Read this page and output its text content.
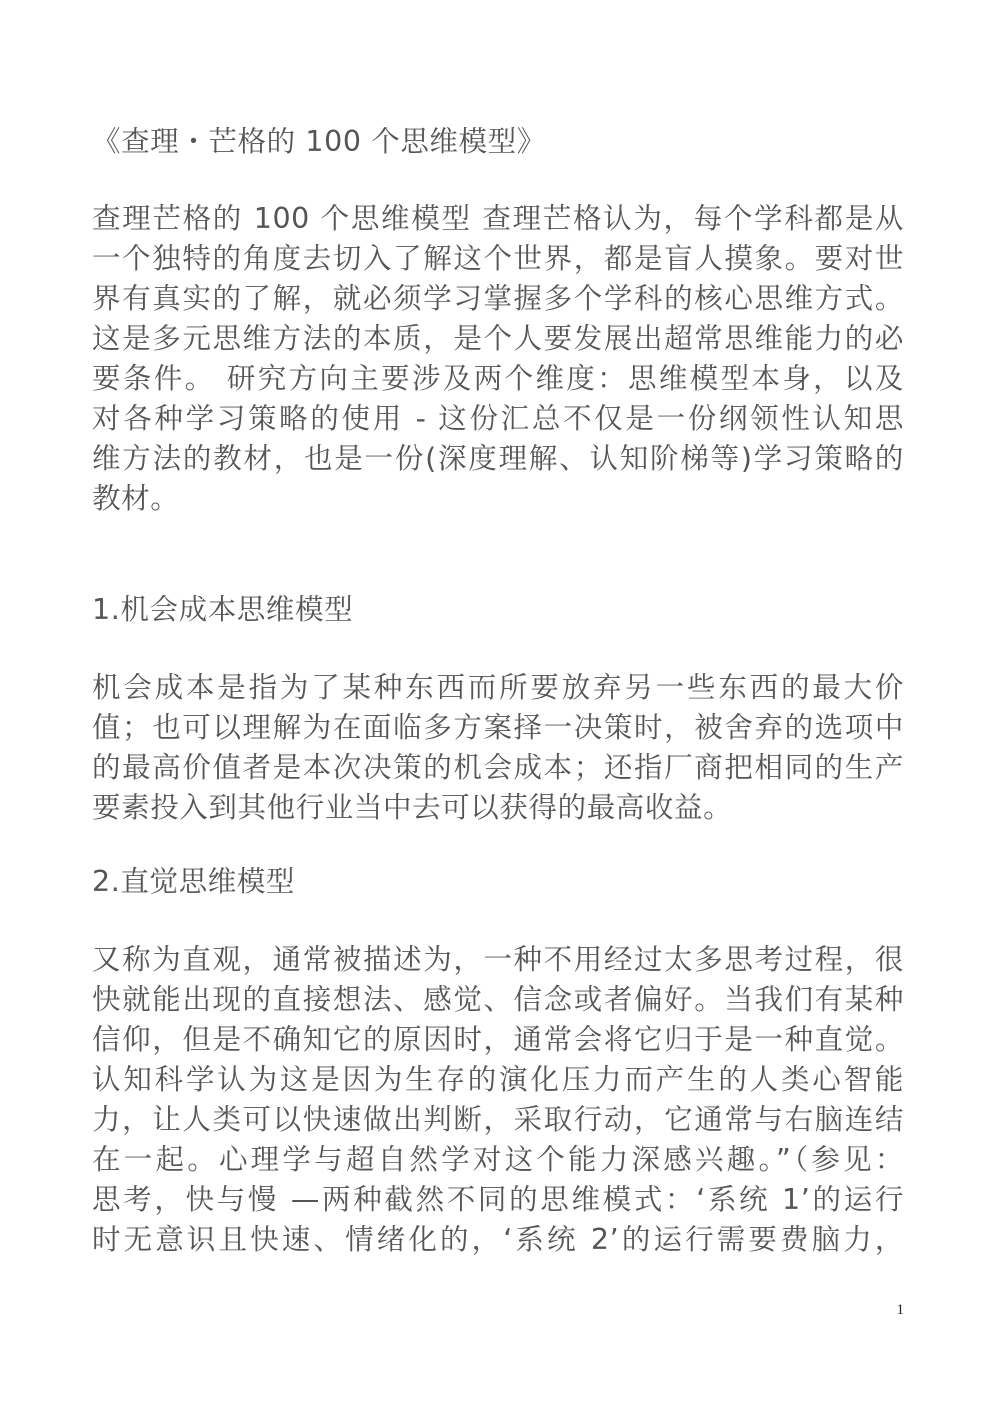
《查理・芒格的 100 个思维模型》
查理芒格的 100 个思维模型 查理芒格认为，每个学科都是从
一个独特的角度去切入了解这个世界，都是盲人摸象。要对世
界有真实的了解，就必须学习掌握多个学科的核心思维方式。
这是多元思维方法的本质，是个人要发展出超常思维能力的必
要条件。 研究方向主要涉及两个维度：思维模型本身，以及
对各种学习策略的使用 - 这份汇总不仅是一份纲领性认知思
维方法的教材，也是一份(深度理解、认知阶梯等)学习策略的
教材。
1.机会成本思维模型
机会成本是指为了某种东西而所要放弃另一些东西的最大价
值；也可以理解为在面临多方案择一决策时，被舍弃的选项中
的最高价值者是本次决策的机会成本；还指厂商把相同的生产
要素投入到其他行业当中去可以获得的最高收益。
2.直觉思维模型
又称为直观，通常被描述为，一种不用经过太多思考过程，很
快就能出现的直接想法、感觉、信念或者偏好。当我们有某种
信仰，但是不确知它的原因时，通常会将它归于是一种直觉。
认知科学认为这是因为生存的演化压力而产生的人类心智能
力，让人类可以快速做出判断，采取行动，它通常与右脑连结
在一起。心理学与超自然学对这个能力深感兴趣。”（参见：
思考，快与慢 —两种截然不同的思维模式：‘系统 1’的运行
时无意识且快速、情绪化的，‘系统 2’的运行需要费脑力，
1
